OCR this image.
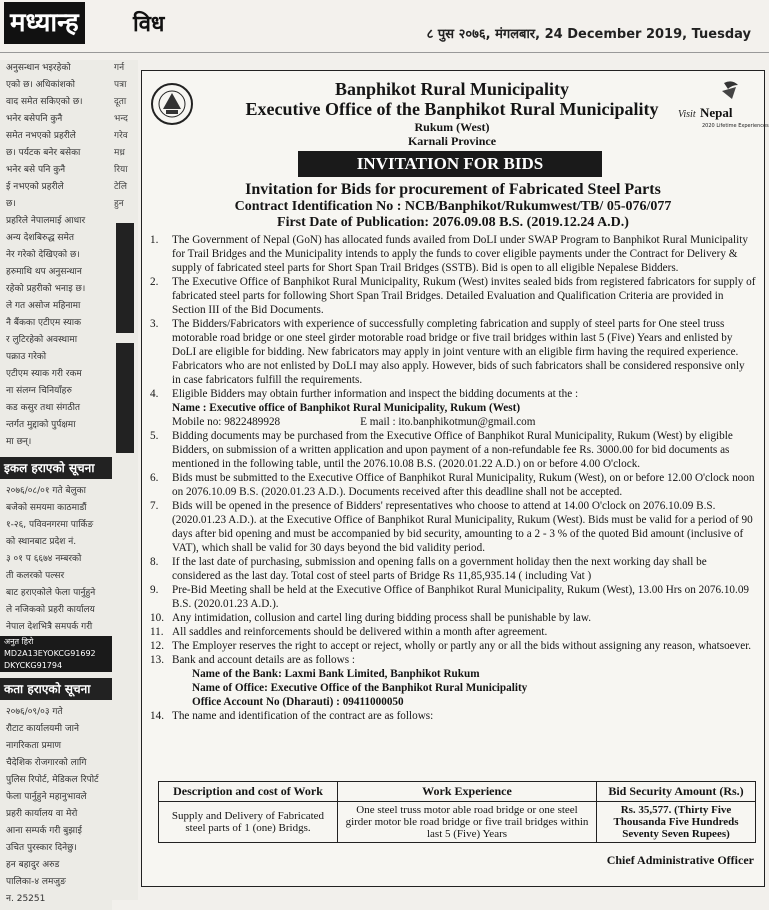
मध्यान्ह विध	८ पुस २०७६, मंगलबार, 24 December 2019, Tuesday
अनुसन्धान भइरहेको
एको छ। अधिकांशको
वाद समेत सकिएको छ।
भनेर बसेपनि कुनै
समेत नभएको प्रहरीले
छ। पर्यटक बनेर बसेका
भनेर बसे पनि कुनै
ई नभएको प्रहरीले
छ।
प्रहरिले नेपालमाई आधार
अन्य देशबिरुद्ध समेत
नेर गरेको देखिएको छ।
हरुमाथि थप अनुसन्धान
रहेको प्रहरीको भनाइ छ।
ले गत असोज महिनामा
नै बैंकका एटीएम स्याक
र लुटिरहेको अवस्थामा
पक्राउ गरेको
एटीएम स्याक गरी रकम
ना संलग्न चिनियाँहरु
कड कसुर तथा संगठीत
न्तर्गत मुद्दाको पुर्पक्षमा
मा छन्।
इकल हराएको सूचना
२०७६/०८/०१ गते बेलुका
बजेको समयमा काठमाडौं
१-२६, पविवनगरमा पार्किङ
को स्थानबाट प्रदेश नं.
३ ०१ प ६६७४ नम्बरको
ती कलरको पल्सर
बाट हराएकोले फेला पार्नुहुने
ले नजिकको प्रहरी कार्यालय
नेपाल देशभित्रै समपर्क गरी
अनुत हिरो
MD2A13EYOKCG91692
DKYCKG91794
कता हराएको सूचना
२०७६/०९/०३ गते
रौटाट कार्यालयमी जाने
नागरिकता प्रमाण
चैदेशिक रोजगारको लागि
पुलिस रिपोर्ट, मेडिकल रिपोर्ट
फेला पार्नुहुने महानुभावले
प्रहरी कार्यालय वा मेरो
आना सम्पर्क गरी बुझाई
उचित पुरस्कार दिनेछु।
हन बहादुर अरुड
पालिका-४ लमजुङ
न. 25251
गर्न
पत्रा
दूता
भन्द
गरेव
मध्र
रिया
टेलि
हुन
Visit Nepal
2020 Lifetime Experiences
Banphikot Rural Municipality
Executive Office of the Banphikot Rural Municipality
Rukum (West)
Karnali Province
INVITATION FOR BIDS
Invitation for Bids for procurement of Fabricated Steel Parts
Contract Identification No : NCB/Banphikot/Rukumwest/TB/ 05-076/077
First Date of Publication: 2076.09.08 B.S. (2019.12.24 A.D.)
1. The Government of Nepal (GoN) has allocated funds availed from DoLI under SWAP Program to Banphikot Rural Municipality for Trail Bridges and the Municipality intends to apply the funds to cover eligible payments under the Contract for Delivery & supply of fabricated steel parts for Short Span Trail Bridges (SSTB). Bid is open to all eligible Nepalese Bidders.
2. The Executive Office of Banphikot Rural Municipality, Rukum (West) invites sealed bids from registered fabricators for supply of fabricated steel parts for following Short Span Trail Bridges. Detailed Evaluation and Qualification Criteria are provided in Section III of the Bid Documents.
3. The Bidders/Fabricators with experience of successfully completing fabrication and supply of steel parts for One steel truss motorable road bridge or one steel girder motorable road bridge or five trail bridges within last 5 (Five) Years and enlisted by DoLI are eligible for bidding. New fabricators may apply in joint venture with an eligible firm having the required experience. Fabricators who are not enlisted by DoLI may also apply. However, bids of such fabricators shall be considered responsive only in case fabricators fulfill the requirements.
4. Eligible Bidders may obtain further information and inspect the bidding documents at the :
Name : Executive office of Banphikot Rural Municipality, Rukum (West)
Mobile no: 9822489928	E mail : ito.banphikotmun@gmail.com
5. Bidding documents may be purchased from the Executive Office of Banphikot Rural Municipality, Rukum (West) by eligible Bidders, on submission of a written application and upon payment of a non-refundable fee Rs. 3000.00 for bid documents as mentioned in the following table, until the 2076.10.08 B.S. (2020.01.22 A.D.) on or before 4.00 O'clock.
6. Bids must be submitted to the Executive Office of Banphikot Rural Municipality, Rukum (West), on or before 12.00 O'clock noon on 2076.10.09 B.S. (2020.01.23 A.D.). Documents received after this deadline shall not be accepted.
7. Bids will be opened in the presence of Bidders' representatives who choose to attend at 14.00 O'clock on 2076.10.09 B.S. (2020.01.23 A.D.). at the Executive Office of Banphikot Rural Municipality, Rukum (West). Bids must be valid for a period of 90 days after bid opening and must be accompanied by bid security, amounting to a 2 - 3 % of the quoted Bid amount (inclusive of VAT), which shall be valid for 30 days beyond the bid validity period.
8. If the last date of purchasing, submission and opening falls on a government holiday then the next working day shall be considered as the last day. Total cost of steel parts of Bridge Rs 11,85,935.14 ( including Vat )
9. Pre-Bid Meeting shall be held at the Executive Office of Banphikot Rural Municipality, Rukum (West), 13.00 Hrs on 2076.10.09 B.S. (2020.01.23 A.D.).
10. Any intimidation, collusion and cartel ling during bidding process shall be punishable by law.
11. All saddles and reinforcements should be delivered within a month after agreement.
12. The Employer reserves the right to accept or reject, wholly or partly any or all the bids without assigning any reason, whatsoever.
13. Bank and account details are as follows :
Name of the Bank: Laxmi Bank Limited, Banphikot Rukum
Name of Office: Executive Office of the Banphikot Rural Municipality
Office Account No (Dharauti) : 09411000050
14. The name and identification of the contract are as follows:
Description and cost of Work	Work Experience	Bid Security Amount (Rs.)
Supply and Delivery of Fabricated steel parts of 1 (one) Bridgs.	One steel truss motor able road bridge or one steel girder motor ble road bridge or five trail bridges within last 5 (Five) Years	Rs. 35,577. (Thirty Five Thousanda Five Hundreds Seventy Seven Rupees)
Chief Administrative Officer
